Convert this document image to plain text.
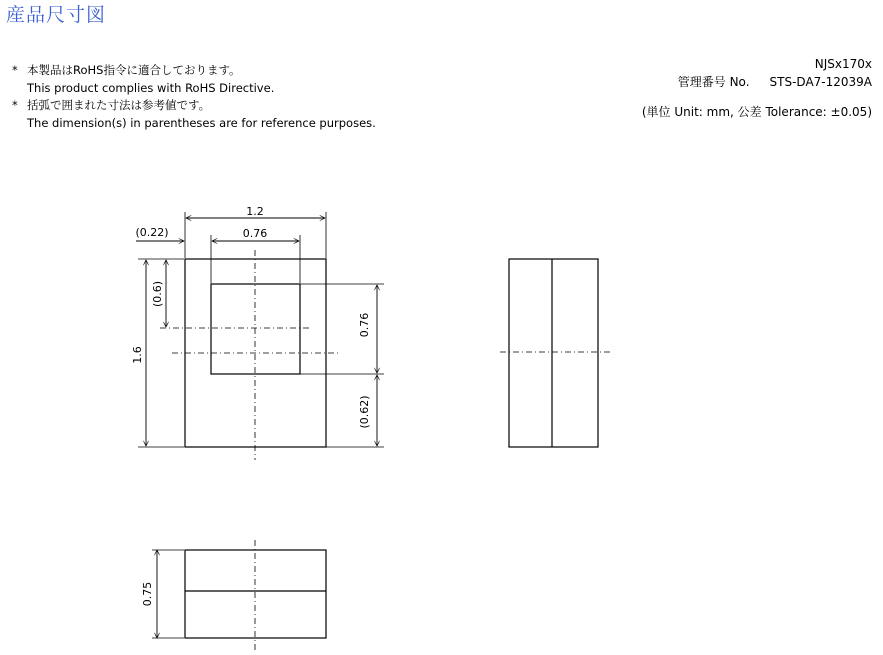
産品尺寸図
* 本製品はRoHS指令に適合しております。
This product complies with RoHS Directive.
* 括弧で囲まれた寸法は参考値です。
The dimension(s) in parentheses are for reference purposes.
NJSx170x
管理番号 No. STS-DA7-12039A
(単位 Unit: mm, 公差 Tolerance: ±0.05)
1.2
0.76
(0.22)
1.6
(0.6)
0.76
(0.62)
0.75
